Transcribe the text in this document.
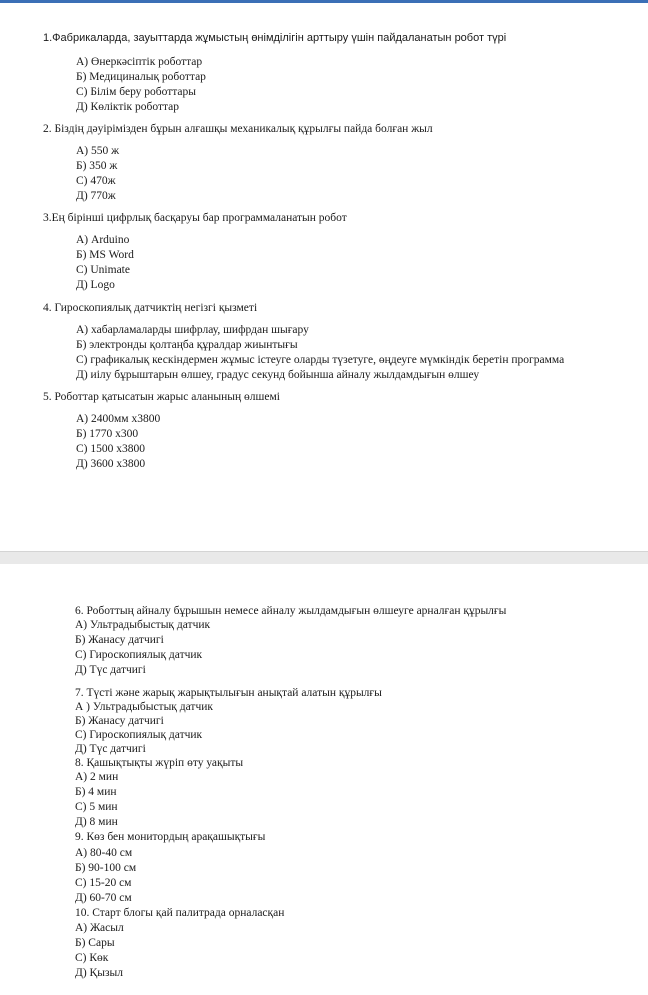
1.Фабрикаларда, зауыттарда жұмыстың өнімділігін арттыру үшін пайдаланатын робот түрі
А) Өнеркәсіптік роботтар
Б) Медициналық роботтар
С) Білім беру роботтары
Д) Көліктік роботтар
2. Біздің дәуірімізден бұрын алғашқы механикалық құрылғы пайда болған жыл
А) 550 ж
Б) 350 ж
С) 470ж
Д) 770ж
3.Ең бірінші цифрлық басқаруы бар программаланатын робот
А) Arduino
Б) MS Word
С) Unimate
Д) Logo
4. Гироскопиялық датчиктің негізгі қызметі
А) хабарламаларды шифрлау, шифрдан шығару
Б) электронды қолтаңба құралдар жиынтығы
С) графикалық кескіндермен жұмыс істеуге оларды түзетуге, өңдеуге мүмкіндік беретін программа
Д) иілу бұрыштарын өлшеу, градус секунд бойынша айналу жылдамдығын өлшеу
5. Роботтар қатысатын жарыс аланының өлшемі
А) 2400мм х3800
Б) 1770 х300
С) 1500 х3800
Д) 3600 х3800
6. Роботтың айналу бұрышын немесе айналу жылдамдығын өлшеуге арналған құрылғы
А) Ультрадыбыстық датчик
Б) Жанасу датчигі
С) Гироскопиялық датчик
Д) Түс датчигі
7. Түсті және жарық жарықтылығын анықтай алатын құрылғы
А ) Ультрадыбыстық датчик
Б) Жанасу датчигі
С) Гироскопиялық датчик
Д) Түс датчигі
8. Қашықтықты жүріп өту уақыты
А) 2 мин
Б) 4 мин
С) 5 мин
Д) 8 мин
9. Көз бен монитордың арақашықтығы
А) 80-40 см
Б) 90-100 см
С) 15-20 см
Д) 60-70 см
10. Старт блогы қай палитрада орналасқан
А) Жасыл
Б) Сары
С) Көк
Д) Қызыл
